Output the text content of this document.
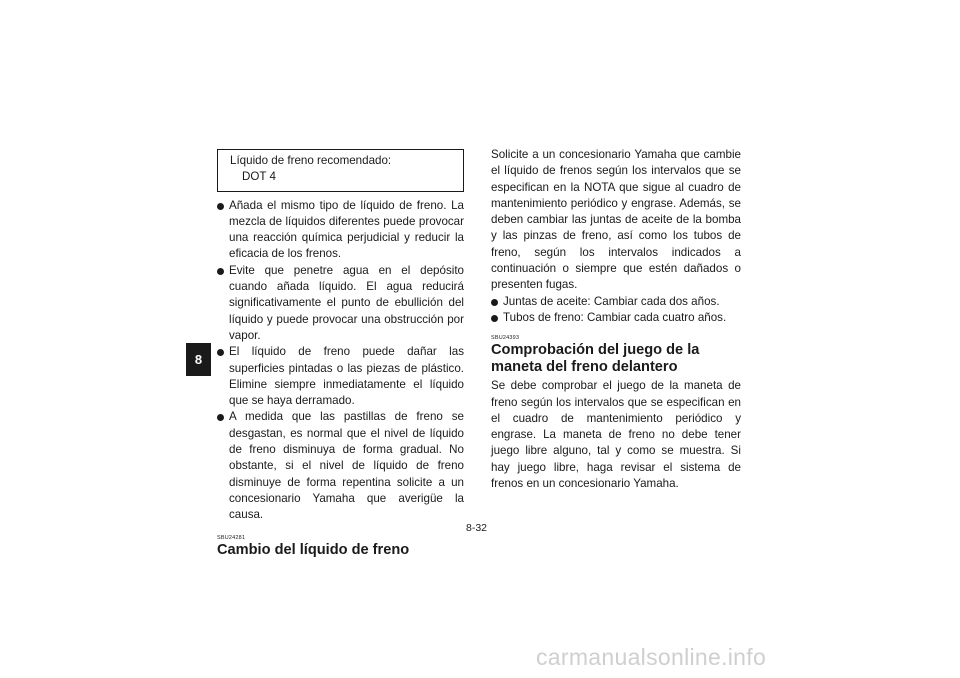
8
Líquido de freno recomendado:
DOT 4
Añada el mismo tipo de líquido de freno. La mezcla de líquidos diferentes puede provocar una reacción química perjudicial y reducir la eficacia de los frenos.
Evite que penetre agua en el depósito cuando añada líquido. El agua reducirá significativamente el punto de ebullición del líquido y puede provocar una obstrucción por vapor.
El líquido de freno puede dañar las superficies pintadas o las piezas de plástico. Elimine siempre inmediatamente el líquido que se haya derramado.
A medida que las pastillas de freno se desgastan, es normal que el nivel de líquido de freno disminuya de forma gradual. No obstante, si el nivel de líquido de freno disminuye de forma repentina solicite a un concesionario Yamaha que averigüe la causa.
SBU24281
Cambio del líquido de freno

Solicite a un concesionario Yamaha que cambie el líquido de frenos según los intervalos que se especifican en la NOTA que sigue al cuadro de mantenimiento periódico y engrase. Además, se deben cambiar las juntas de aceite de la bomba y las pinzas de freno, así como los tubos de freno, según los intervalos indicados a continuación o siempre que estén dañados o presenten fugas.

Juntas de aceite: Cambiar cada dos años.
Tubos de freno: Cambiar cada cuatro años.
SBU24393
Comprobación del juego de la maneta del freno delantero

Se debe comprobar el juego de la maneta de freno según los intervalos que se especifican en el cuadro de mantenimiento periódico y engrase. La maneta de freno no debe tener juego libre alguno, tal y como se muestra. Si hay juego libre, haga revisar el sistema de frenos en un concesionario Yamaha.

8-32
carmanualsonline.info
